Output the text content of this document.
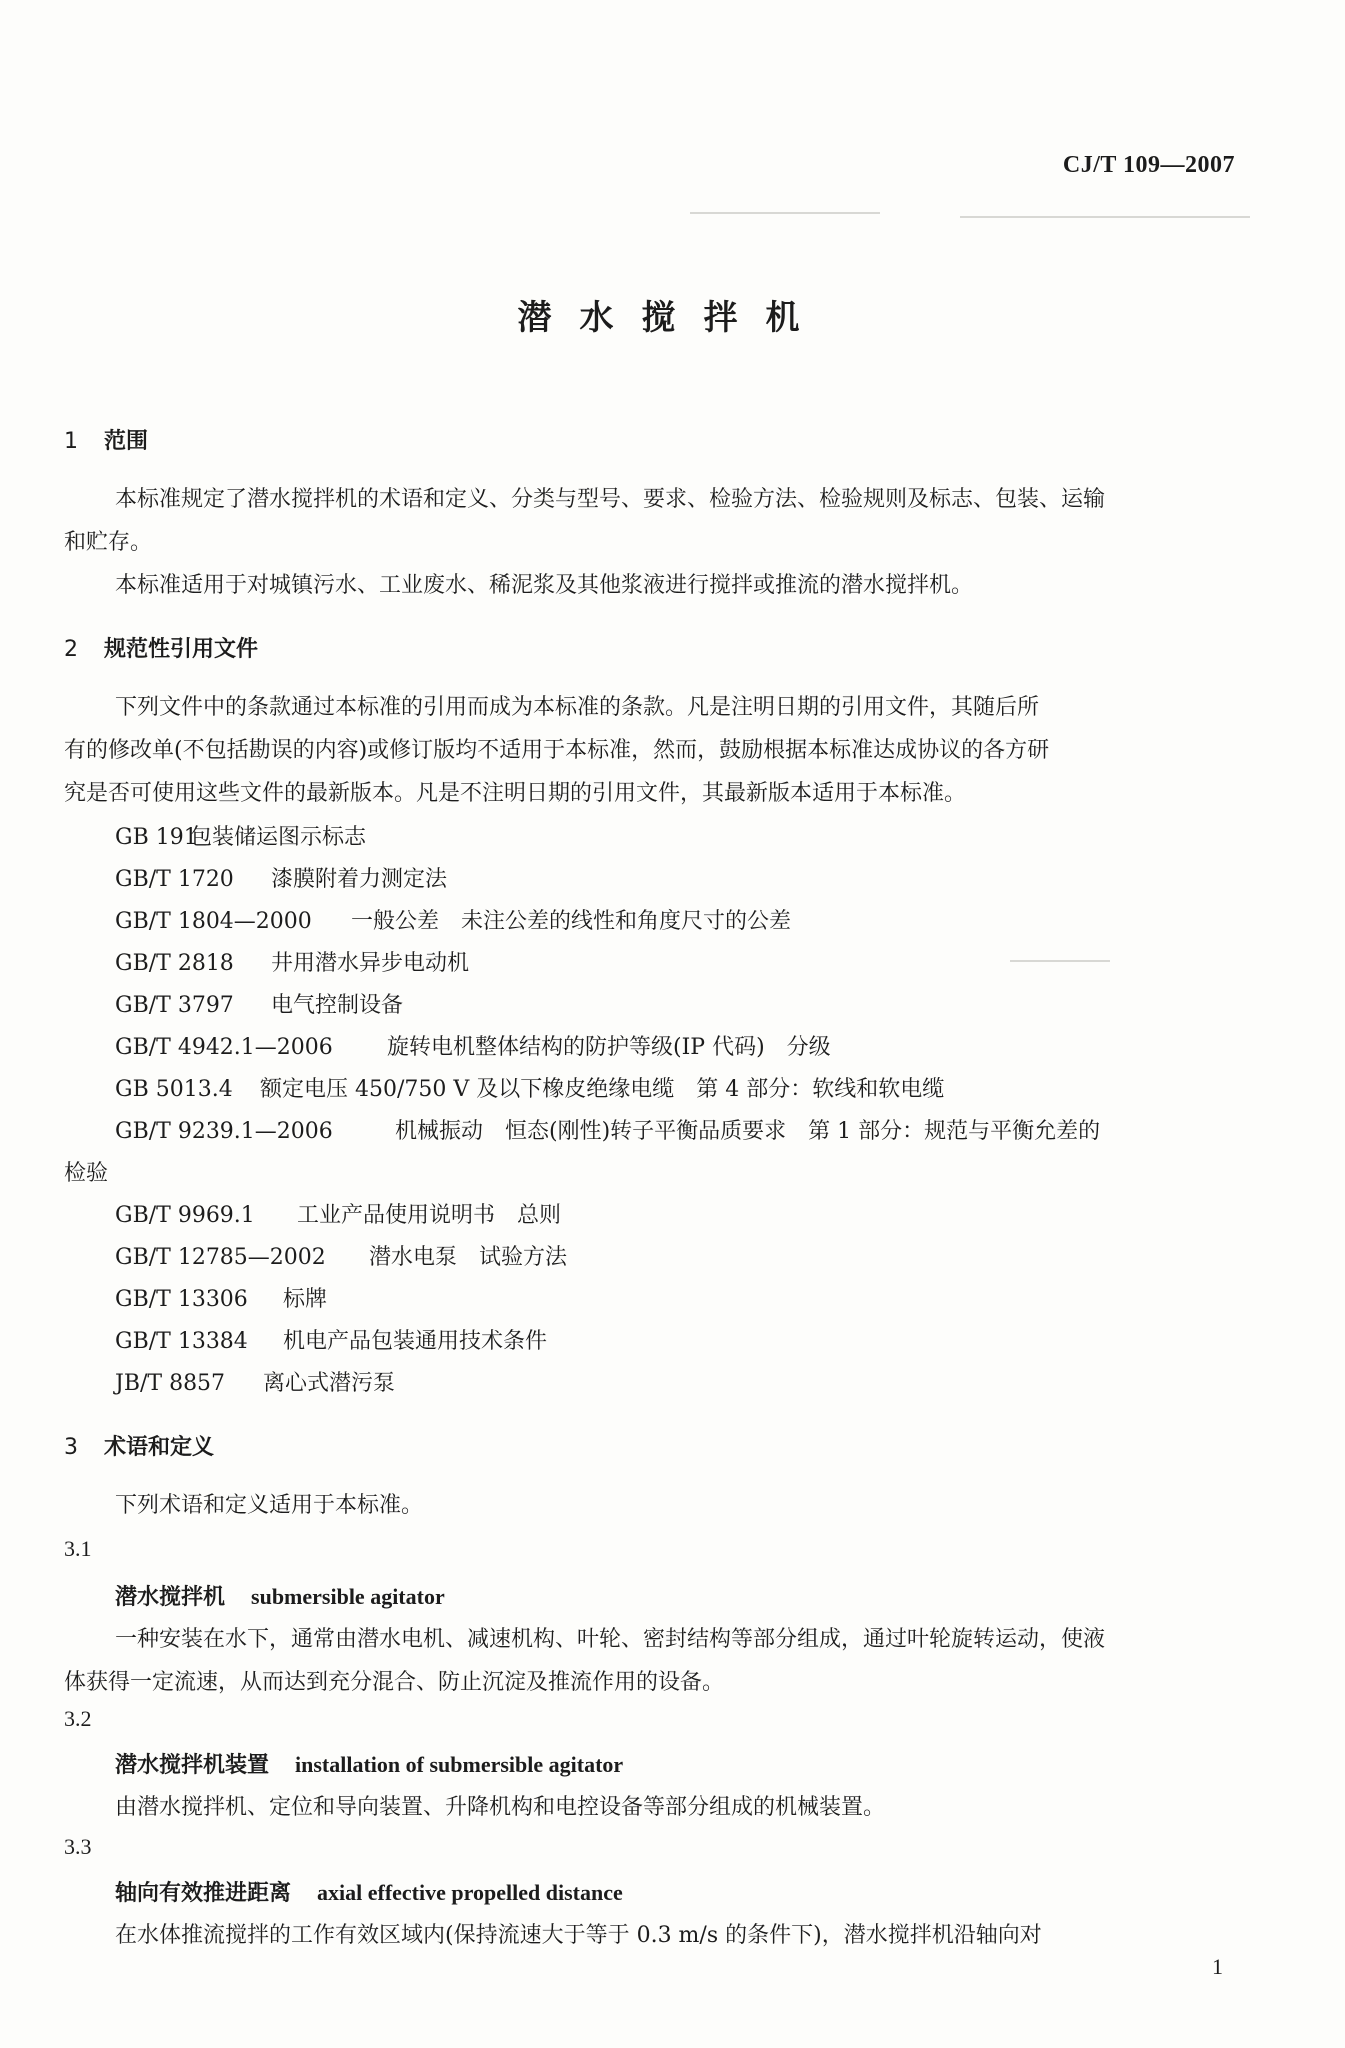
CJ/T 109—2007
潜水搅拌机
1 范围
本标准规定了潜水搅拌机的术语和定义、分类与型号、要求、检验方法、检验规则及标志、包装、运输
和贮存。
本标准适用于对城镇污水、工业废水、稀泥浆及其他浆液进行搅拌或推流的潜水搅拌机。
2 规范性引用文件
下列文件中的条款通过本标准的引用而成为本标准的条款。凡是注明日期的引用文件，其随后所
有的修改单(不包括勘误的内容)或修订版均不适用于本标准，然而，鼓励根据本标准达成协议的各方研
究是否可使用这些文件的最新版本。凡是不注明日期的引用文件，其最新版本适用于本标准。
GB 191包装储运图示标志
GB/T 1720 漆膜附着力测定法
GB/T 1804—2000 一般公差　未注公差的线性和角度尺寸的公差
GB/T 2818 井用潜水异步电动机
GB/T 3797 电气控制设备
GB/T 4942.1—2006 旋转电机整体结构的防护等级(IP 代码)　分级
GB 5013.4 额定电压 450/750 V 及以下橡皮绝缘电缆　第 4 部分：软线和软电缆
GB/T 9239.1—2006	机械振动　恒态(刚性)转子平衡品质要求　第 1 部分：规范与平衡允差的
检验
GB/T 9969.1 工业产品使用说明书　总则
GB/T 12785—2002 潜水电泵　试验方法
GB/T 13306 标牌
GB/T 13384 机电产品包装通用技术条件
JB/T 8857 离心式潜污泵
3 术语和定义
下列术语和定义适用于本标准。
3.1
潜水搅拌机 submersible agitator
一种安装在水下，通常由潜水电机、减速机构、叶轮、密封结构等部分组成，通过叶轮旋转运动，使液
体获得一定流速，从而达到充分混合、防止沉淀及推流作用的设备。
3.2
潜水搅拌机装置 installation of submersible agitator
由潜水搅拌机、定位和导向装置、升降机构和电控设备等部分组成的机械装置。
3.3
轴向有效推进距离 axial effective propelled distance
在水体推流搅拌的工作有效区域内(保持流速大于等于 0.3 m/s 的条件下)，潜水搅拌机沿轴向对
1
